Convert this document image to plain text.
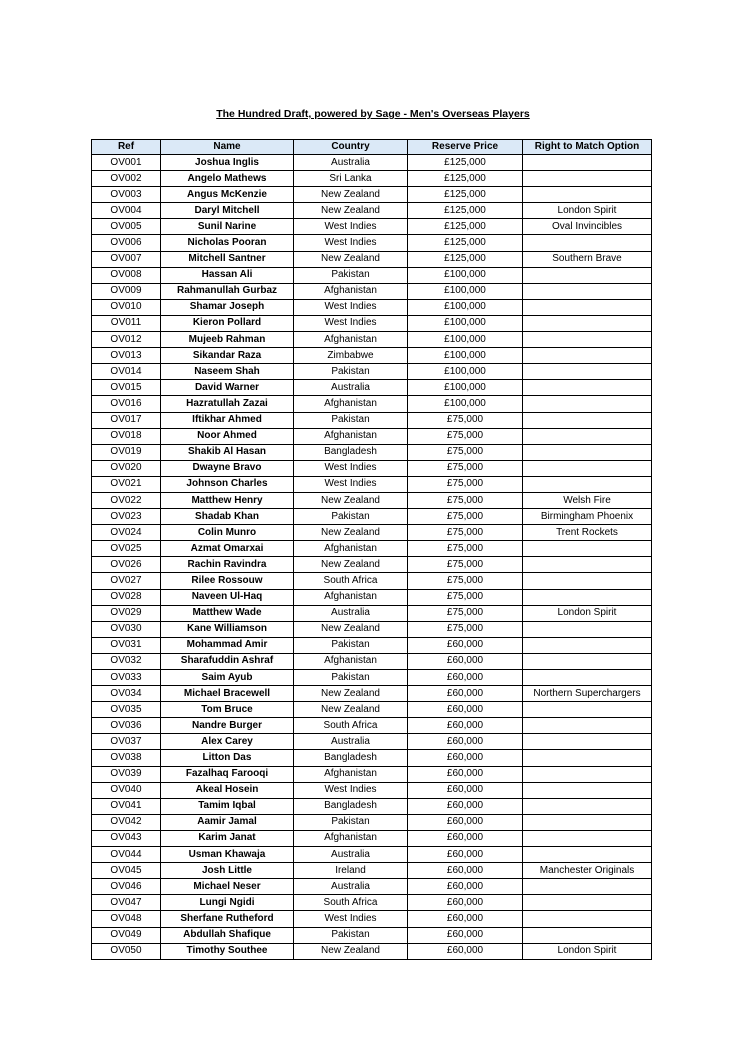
The Hundred Draft, powered by Sage - Men's Overseas Players
Ref	Name	Country	Reserve Price	Right to Match Option
OV001	Joshua Inglis	Australia	£125,000	
OV002	Angelo Mathews	Sri Lanka	£125,000	
OV003	Angus McKenzie	New Zealand	£125,000	
OV004	Daryl Mitchell	New Zealand	£125,000	London Spirit
OV005	Sunil Narine	West Indies	£125,000	Oval Invincibles
OV006	Nicholas Pooran	West Indies	£125,000	
OV007	Mitchell Santner	New Zealand	£125,000	Southern Brave
OV008	Hassan Ali	Pakistan	£100,000	
OV009	Rahmanullah Gurbaz	Afghanistan	£100,000	
OV010	Shamar Joseph	West Indies	£100,000	
OV011	Kieron Pollard	West Indies	£100,000	
OV012	Mujeeb Rahman	Afghanistan	£100,000	
OV013	Sikandar Raza	Zimbabwe	£100,000	
OV014	Naseem Shah	Pakistan	£100,000	
OV015	David Warner	Australia	£100,000	
OV016	Hazratullah Zazai	Afghanistan	£100,000	
OV017	Iftikhar Ahmed	Pakistan	£75,000	
OV018	Noor Ahmed	Afghanistan	£75,000	
OV019	Shakib Al Hasan	Bangladesh	£75,000	
OV020	Dwayne Bravo	West Indies	£75,000	
OV021	Johnson Charles	West Indies	£75,000	
OV022	Matthew Henry	New Zealand	£75,000	Welsh Fire
OV023	Shadab Khan	Pakistan	£75,000	Birmingham Phoenix
OV024	Colin Munro	New Zealand	£75,000	Trent Rockets
OV025	Azmat Omarxai	Afghanistan	£75,000	
OV026	Rachin Ravindra	New Zealand	£75,000	
OV027	Rilee Rossouw	South Africa	£75,000	
OV028	Naveen Ul-Haq	Afghanistan	£75,000	
OV029	Matthew Wade	Australia	£75,000	London Spirit
OV030	Kane Williamson	New Zealand	£75,000	
OV031	Mohammad Amir	Pakistan	£60,000	
OV032	Sharafuddin Ashraf	Afghanistan	£60,000	
OV033	Saim Ayub	Pakistan	£60,000	
OV034	Michael Bracewell	New Zealand	£60,000	Northern Superchargers
OV035	Tom Bruce	New Zealand	£60,000	
OV036	Nandre Burger	South Africa	£60,000	
OV037	Alex Carey	Australia	£60,000	
OV038	Litton Das	Bangladesh	£60,000	
OV039	Fazalhaq Farooqi	Afghanistan	£60,000	
OV040	Akeal Hosein	West Indies	£60,000	
OV041	Tamim Iqbal	Bangladesh	£60,000	
OV042	Aamir Jamal	Pakistan	£60,000	
OV043	Karim Janat	Afghanistan	£60,000	
OV044	Usman Khawaja	Australia	£60,000	
OV045	Josh Little	Ireland	£60,000	Manchester Originals
OV046	Michael Neser	Australia	£60,000	
OV047	Lungi Ngidi	South Africa	£60,000	
OV048	Sherfane Rutheford	West Indies	£60,000	
OV049	Abdullah Shafique	Pakistan	£60,000	
OV050	Timothy Southee	New Zealand	£60,000	London Spirit
